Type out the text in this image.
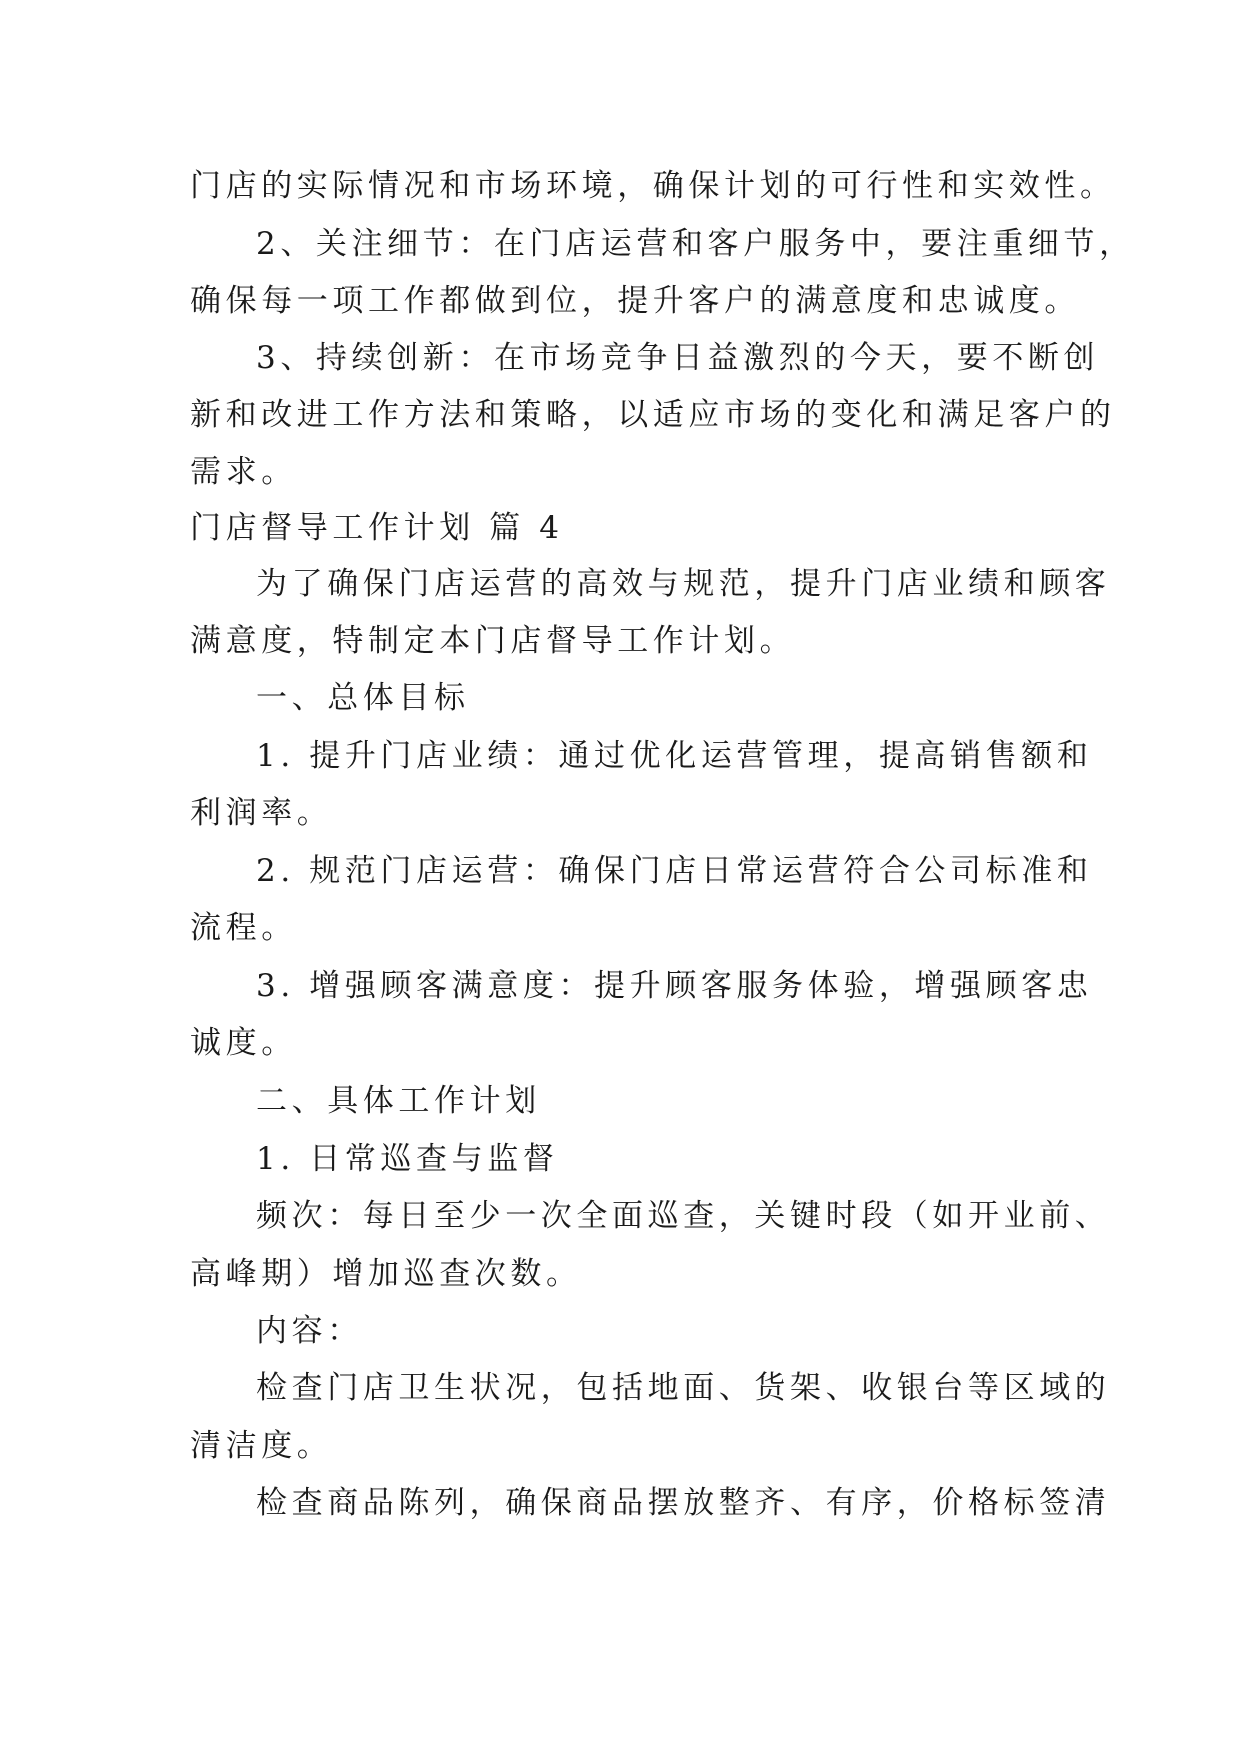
门店的实际情况和市场环境，确保计划的可行性和实效性。
2、关注细节：在门店运营和客户服务中，要注重细节，
确保每一项工作都做到位，提升客户的满意度和忠诚度。
3、持续创新：在市场竞争日益激烈的今天，要不断创
新和改进工作方法和策略，以适应市场的变化和满足客户的
需求。
门店督导工作计划 篇 4
为了确保门店运营的高效与规范，提升门店业绩和顾客
满意度，特制定本门店督导工作计划。
一、总体目标
1. 提升门店业绩：通过优化运营管理，提高销售额和
利润率。
2. 规范门店运营：确保门店日常运营符合公司标准和
流程。
3. 增强顾客满意度：提升顾客服务体验，增强顾客忠
诚度。
二、具体工作计划
1. 日常巡查与监督
频次：每日至少一次全面巡查，关键时段（如开业前、
高峰期）增加巡查次数。
内容：
检查门店卫生状况，包括地面、货架、收银台等区域的
清洁度。
检查商品陈列，确保商品摆放整齐、有序，价格标签清
